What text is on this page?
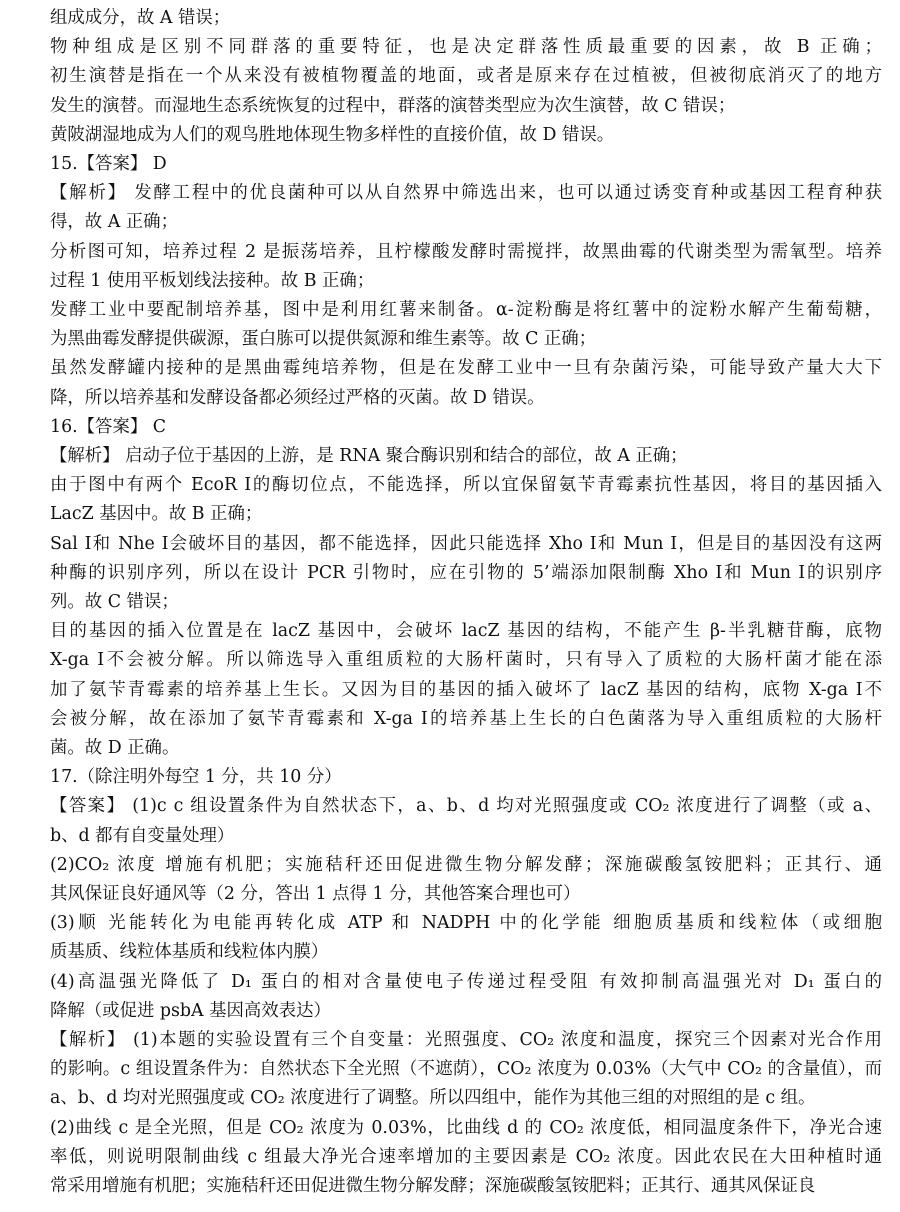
组成成分，故 A 错误；
物种组成是区别不同群落的重要特征，也是决定群落性质最重要的因素，故 B 正确；
初生演替是指在一个从来没有被植物覆盖的地面，或者是原来存在过植被，但被彻底消灭了的地方
发生的演替。而湿地生态系统恢复的过程中，群落的演替类型应为次生演替，故 C 错误；
黄陂湖湿地成为人们的观鸟胜地体现生物多样性的直接价值，故 D 错误。
15.【答案】 D
【解析】 发酵工程中的优良菌种可以从自然界中筛选出来，也可以通过诱变育种或基因工程育种获
得，故 A 正确；
分析图可知，培养过程 2 是振荡培养，且柠檬酸发酵时需搅拌，故黑曲霉的代谢类型为需氧型。培养
过程 1 使用平板划线法接种。故 B 正确；
发酵工业中要配制培养基，图中是利用红薯来制备。α-淀粉酶是将红薯中的淀粉水解产生葡萄糖，
为黑曲霉发酵提供碳源，蛋白胨可以提供氮源和维生素等。故 C 正确；
虽然发酵罐内接种的是黑曲霉纯培养物，但是在发酵工业中一旦有杂菌污染，可能导致产量大大下
降，所以培养基和发酵设备都必须经过严格的灭菌。故 D 错误。
16.【答案】 C
【解析】 启动子位于基因的上游，是 RNA 聚合酶识别和结合的部位，故 A 正确；
由于图中有两个 EcoR Ⅰ的酶切位点，不能选择，所以宜保留氨苄青霉素抗性基因，将目的基因插入
LacZ 基因中。故 B 正确；
Sal Ⅰ和 Nhe Ⅰ会破坏目的基因，都不能选择，因此只能选择 Xho Ⅰ和 Mun Ⅰ，但是目的基因没有这两
种酶的识别序列，所以在设计 PCR 引物时，应在引物的 5’端添加限制酶 Xho Ⅰ和 Mun Ⅰ的识别序
列。故 C 错误；
目的基因的插入位置是在 lacZ 基因中，会破坏 lacZ 基因的结构，不能产生 β-半乳糖苷酶，底物
X-ga Ⅰ不会被分解。所以筛选导入重组质粒的大肠杆菌时，只有导入了质粒的大肠杆菌才能在添
加了氨苄青霉素的培养基上生长。又因为目的基因的插入破坏了 lacZ 基因的结构，底物 X-ga Ⅰ不
会被分解，故在添加了氨苄青霉素和 X-ga Ⅰ的培养基上生长的白色菌落为导入重组质粒的大肠杆
菌。故 D 正确。
17.（除注明外每空 1 分，共 10 分）
【答案】 (1)c c 组设置条件为自然状态下，a、b、d 均对光照强度或 CO₂ 浓度进行了调整（或 a、
b、d 都有自变量处理）
(2)CO₂ 浓度 增施有机肥；实施秸秆还田促进微生物分解发酵；深施碳酸氢铵肥料；正其行、通
其风保证良好通风等（2 分，答出 1 点得 1 分，其他答案合理也可）
(3)顺 光能转化为电能再转化成 ATP 和 NADPH 中的化学能 细胞质基质和线粒体（或细胞
质基质、线粒体基质和线粒体内膜）
(4)高温强光降低了 D₁ 蛋白的相对含量使电子传递过程受阻 有效抑制高温强光对 D₁ 蛋白的
降解（或促进 psbA 基因高效表达）
【解析】 (1)本题的实验设置有三个自变量：光照强度、CO₂ 浓度和温度，探究三个因素对光合作用
的影响。c 组设置条件为：自然状态下全光照（不遮荫），CO₂ 浓度为 0.03%（大气中 CO₂ 的含量值），而
a、b、d 均对光照强度或 CO₂ 浓度进行了调整。所以四组中，能作为其他三组的对照组的是 c 组。
(2)曲线 c 是全光照，但是 CO₂ 浓度为 0.03%，比曲线 d 的 CO₂ 浓度低，相同温度条件下，净光合速
率低，则说明限制曲线 c 组最大净光合速率增加的主要因素是 CO₂ 浓度。因此农民在大田种植时通
常采用增施有机肥；实施秸秆还田促进微生物分解发酵；深施碳酸氢铵肥料；正其行、通其风保证良
